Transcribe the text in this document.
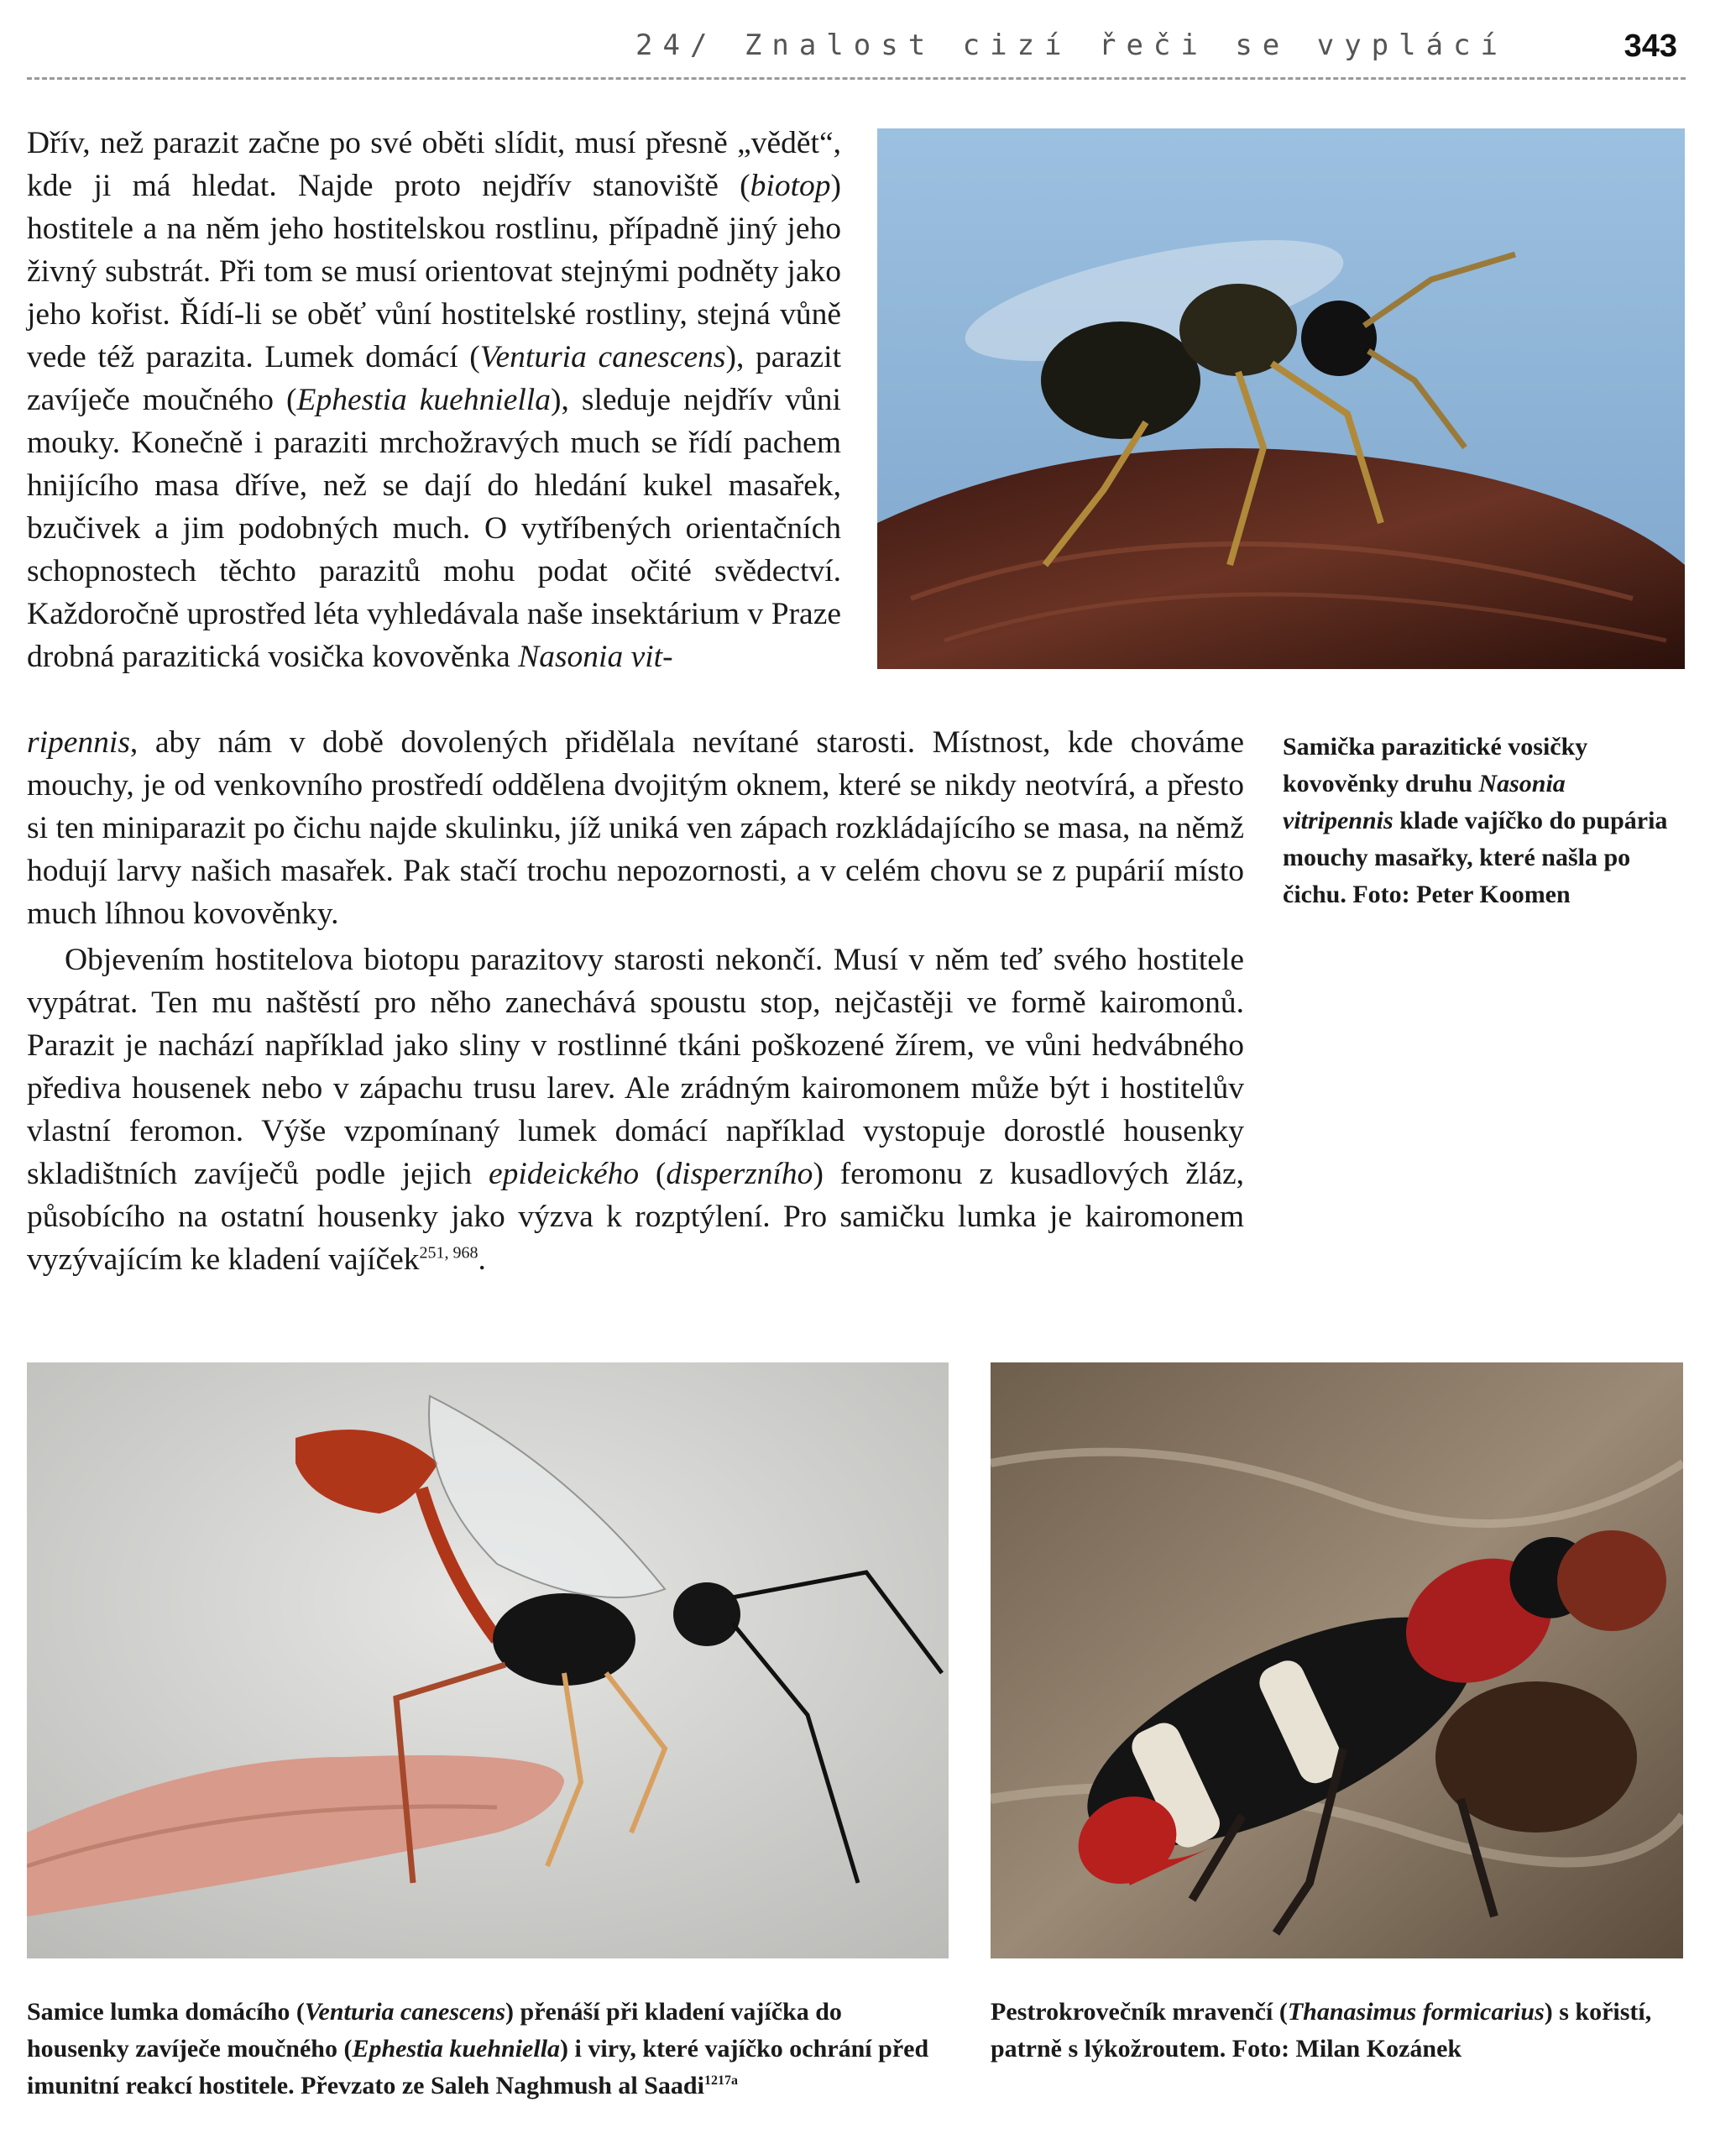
24/ Znalost cizí řeči se vyplácí	343

Dřív, než parazit začne po své oběti slídit, musí přesně „vědět“, kde ji má hledat. Najde proto nejdřív stanoviště (biotop) hostitele a na něm jeho hostitelskou rostlinu, případně jiný jeho živný substrát. Při tom se musí orientovat stejnými podněty jako jeho kořist. Řídí-li se oběť vůní hostitelské rostliny, stejná vůně vede též parazita. Lumek domácí (Venturia canescens), parazit zavíječe moučného (Ephestia kuehniella), sleduje nejdřív vůni mouky. Konečně i paraziti mrchožravých much se řídí pachem hnijícího masa dříve, než se dají do hledání kukel masařek, bzučivek a jim podobných much. O vytříbených orientačních schopnostech těchto parazitů mohu podat očité svědectví. Každoročně uprostřed léta vyhledávala naše insektárium v Praze drobná parazitická vosička kovověnka Nasonia vit-

ripennis, aby nám v době dovolených přidělala nevítané starosti. Místnost, kde chováme mouchy, je od venkovního prostředí oddělena dvojitým oknem, které se nikdy neotvírá, a přesto si ten miniparazit po čichu najde skulinku, jíž uniká ven zápach rozkládajícího se masa, na němž hodují larvy našich masařek. Pak stačí trochu nepozornosti, a v celém chovu se z pupárií místo much líhnou kovověnky.

Objevením hostitelova biotopu parazitovy starosti nekončí. Musí v něm teď svého hostitele vypátrat. Ten mu naštěstí pro něho zanechává spoustu stop, nejčastěji ve formě kairomonů. Parazit je nachází například jako sliny v rostlinné tkáni poškozené žírem, ve vůni hedvábného přediva housenek nebo v zápachu trusu larev. Ale zrádným kairomonem může být i hostitelův vlastní feromon. Výše vzpomínaný lumek domácí například vystopuje dorostlé housenky skladištních zavíječů podle jejich epideického (disperzního) feromonu z kusadlových žláz, působícího na ostatní housenky jako výzva k rozptýlení. Pro samičku lumka je kairomonem vyzývajícím ke kladení vajíček$^{251, 968}$.

Samička parazitické vosičky kovověnky druhu Nasonia vitripennis klade vajíčko do pupária mouchy masařky, které našla po čichu. Foto: Peter Koomen

Samice lumka domácího (Venturia canescens) přenáší při kladení vajíčka do housenky zavíječe moučného (Ephestia kuehniella) i viry, které vajíčko ochrání před imunitní reakcí hostitele. Převzato ze Saleh Naghmush al Saadi$^{1217a}$

Pestrokrovečník mravenčí (Thanasimus formicarius) s kořistí, patrně s lýkožroutem. Foto: Milan Kozánek
